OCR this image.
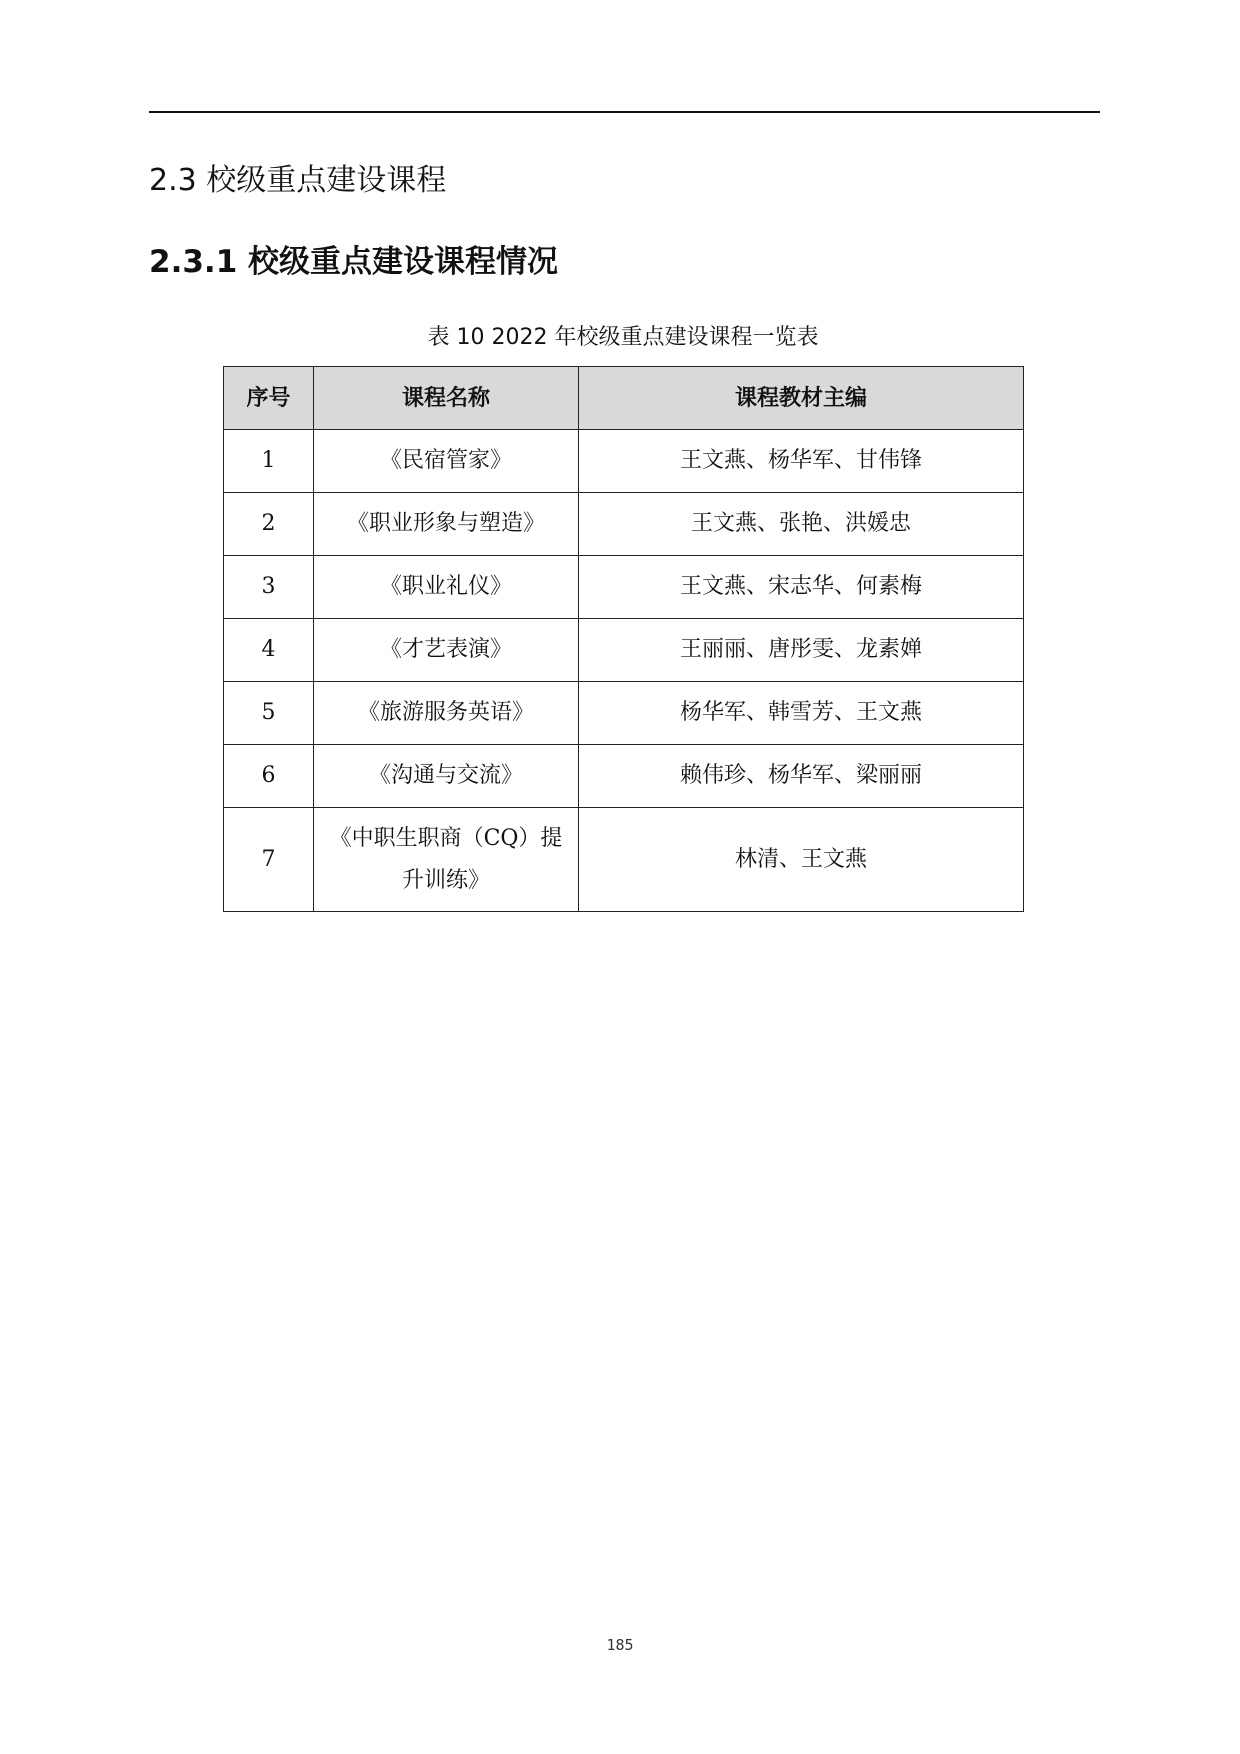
2.3 校级重点建设课程
2.3.1 校级重点建设课程情况
表 10 2022 年校级重点建设课程一览表
序号	课程名称	课程教材主编
1	《民宿管家》	王文燕、杨华军、甘伟锋
2	《职业形象与塑造》	王文燕、张艳、洪媛忠
3	《职业礼仪》	王文燕、宋志华、何素梅
4	《才艺表演》	王丽丽、唐彤雯、龙素婵
5	《旅游服务英语》	杨华军、韩雪芳、王文燕
6	《沟通与交流》	赖伟珍、杨华军、梁丽丽
7	《中职生职商（CQ）提升训练》	林清、王文燕
185
